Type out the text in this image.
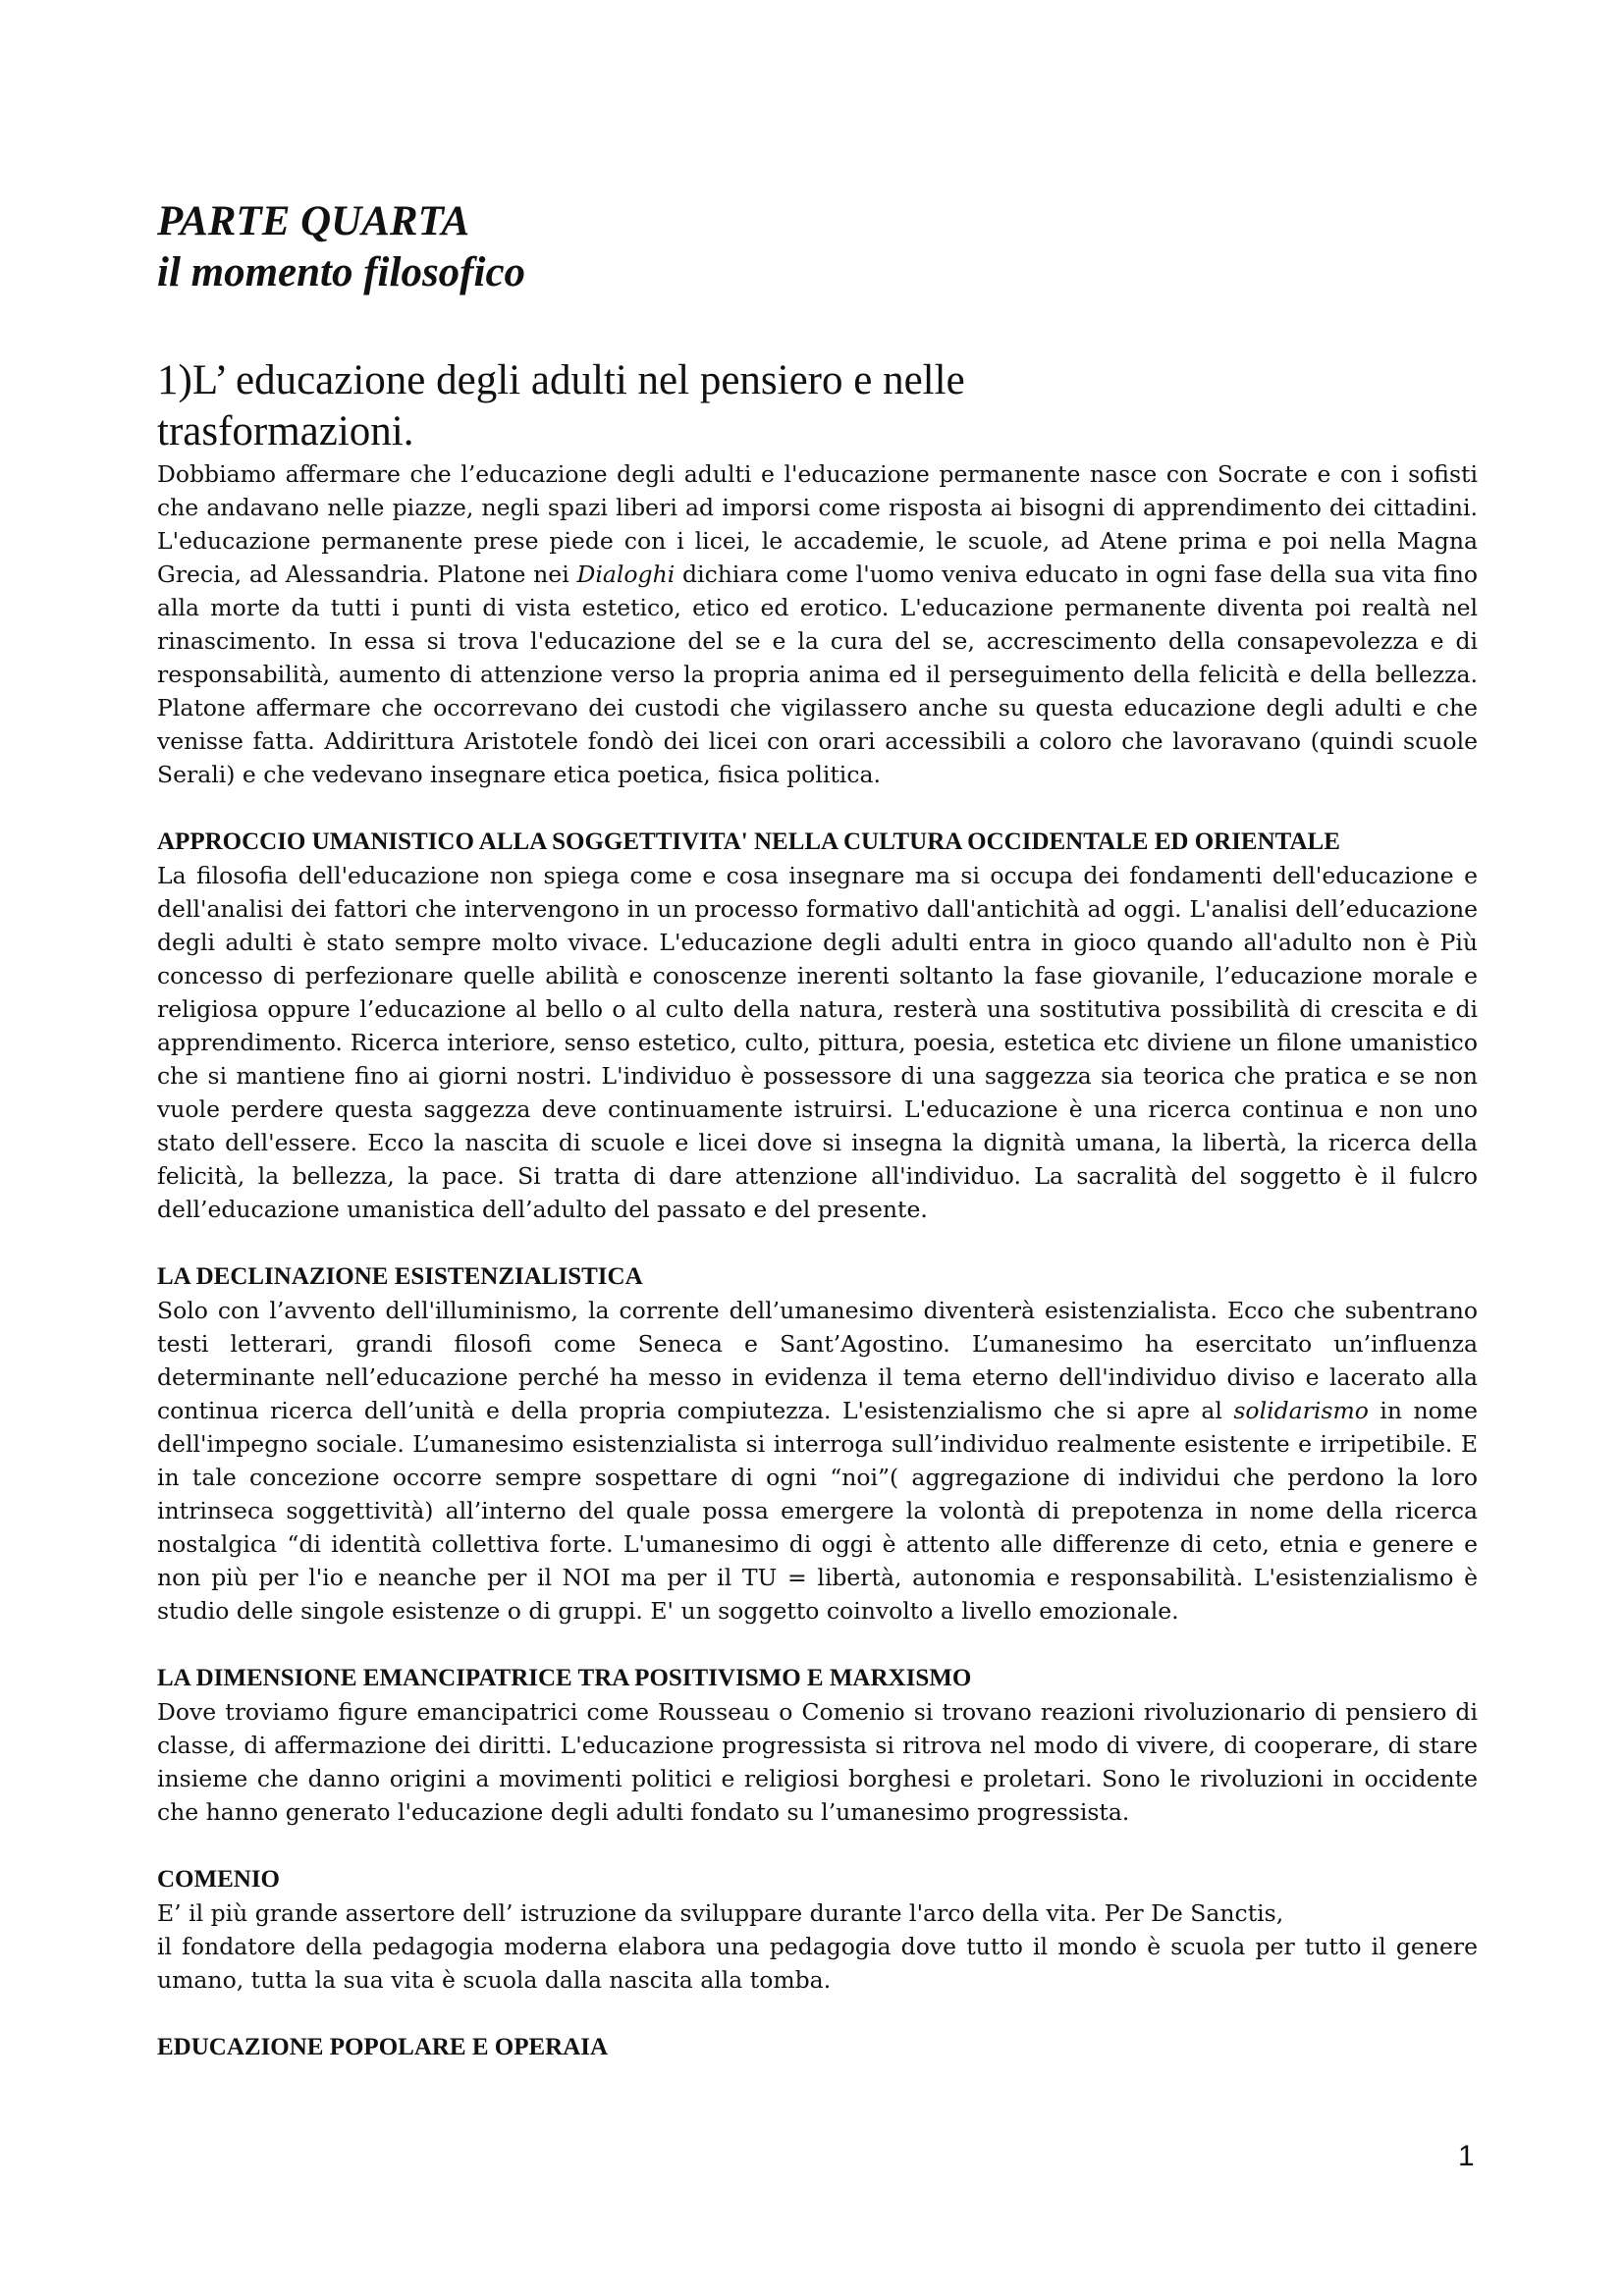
PARTE QUARTA
il momento filosofico
1)L’ educazione degli adulti nel pensiero e nelle
trasformazioni.

Dobbiamo affermare che l’educazione degli adulti e l'educazione permanente nasce con Socrate e con i sofisti che andavano nelle piazze, negli spazi liberi ad imporsi come risposta ai bisogni di apprendimento dei cittadini. L'educazione permanente prese piede con i licei, le accademie, le scuole, ad Atene prima e poi nella Magna Grecia, ad Alessandria. Platone nei Dialoghi dichiara come l'uomo veniva educato in ogni fase della sua vita fino alla morte da tutti i punti di vista estetico, etico ed erotico. L'educazione permanente diventa poi realtà nel rinascimento. In essa si trova l'educazione del se e la cura del se, accrescimento della consapevolezza e di responsabilità, aumento di attenzione verso la propria anima ed il perseguimento della felicità e della bellezza. Platone affermare che occorrevano dei custodi che vigilassero anche su questa educazione degli adulti e che venisse fatta. Addirittura Aristotele fondò dei licei con orari accessibili a coloro che lavoravano (quindi scuole Serali) e che vedevano insegnare etica poetica, fisica politica.

APPROCCIO UMANISTICO ALLA SOGGETTIVITA' NELLA CULTURA OCCIDENTALE ED ORIENTALE

La filosofia dell'educazione non spiega come e cosa insegnare ma si occupa dei fondamenti dell'educazione e dell'analisi dei fattori che intervengono in un processo formativo dall'antichità ad oggi. L'analisi dell’educazione degli adulti è stato sempre molto vivace. L'educazione degli adulti entra in gioco quando all'adulto non è Più concesso di perfezionare quelle abilità e conoscenze inerenti soltanto la fase giovanile, l’educazione morale e religiosa oppure l’educazione al bello o al culto della natura, resterà una sostitutiva possibilità di crescita e di apprendimento. Ricerca interiore, senso estetico, culto, pittura, poesia, estetica etc diviene un filone umanistico che si mantiene fino ai giorni nostri. L'individuo è possessore di una saggezza sia teorica che pratica e se non vuole perdere questa saggezza deve continuamente istruirsi. L'educazione è una ricerca continua e non uno stato dell'essere. Ecco la nascita di scuole e licei dove si insegna la dignità umana, la libertà, la ricerca della felicità, la bellezza, la pace. Si tratta di dare attenzione all'individuo. La sacralità del soggetto è il fulcro dell’educazione umanistica dell’adulto del passato e del presente.

LA DECLINAZIONE ESISTENZIALISTICA

Solo con l’avvento dell'illuminismo, la corrente dell’umanesimo diventerà esistenzialista. Ecco che subentrano testi letterari, grandi filosofi come Seneca e Sant’Agostino. L’umanesimo ha esercitato un’influenza determinante nell’educazione perché ha messo in evidenza il tema eterno dell'individuo diviso e lacerato alla continua ricerca dell’unità e della propria compiutezza. L'esistenzialismo che si apre al solidarismo in nome dell'impegno sociale. L’umanesimo esistenzialista si interroga sull’individuo realmente esistente e irripetibile. E in tale concezione occorre sempre sospettare di ogni “noi”( aggregazione di individui che perdono la loro intrinseca soggettività) all’interno del quale possa emergere la volontà di prepotenza in nome della ricerca nostalgica “di identità collettiva forte. L'umanesimo di oggi è attento alle differenze di ceto, etnia e genere e non più per l'io e neanche per il NOI ma per il TU = libertà, autonomia e responsabilità. L'esistenzialismo è studio delle singole esistenze o di gruppi. E' un soggetto coinvolto a livello emozionale.

LA DIMENSIONE EMANCIPATRICE TRA POSITIVISMO E MARXISMO

Dove troviamo figure emancipatrici come Rousseau o Comenio si trovano reazioni rivoluzionario di pensiero di classe, di affermazione dei diritti. L'educazione progressista si ritrova nel modo di vivere, di cooperare, di stare insieme che danno origini a movimenti politici e religiosi borghesi e proletari. Sono le rivoluzioni in occidente che hanno generato l'educazione degli adulti fondato su l’umanesimo progressista.

COMENIO

E’ il più grande assertore dell’ istruzione da sviluppare durante l'arco della vita. Per De Sanctis,

il fondatore della pedagogia moderna elabora una pedagogia dove tutto il mondo è scuola per tutto il genere umano, tutta la sua vita è scuola dalla nascita alla tomba.

EDUCAZIONE POPOLARE E OPERAIA
1
